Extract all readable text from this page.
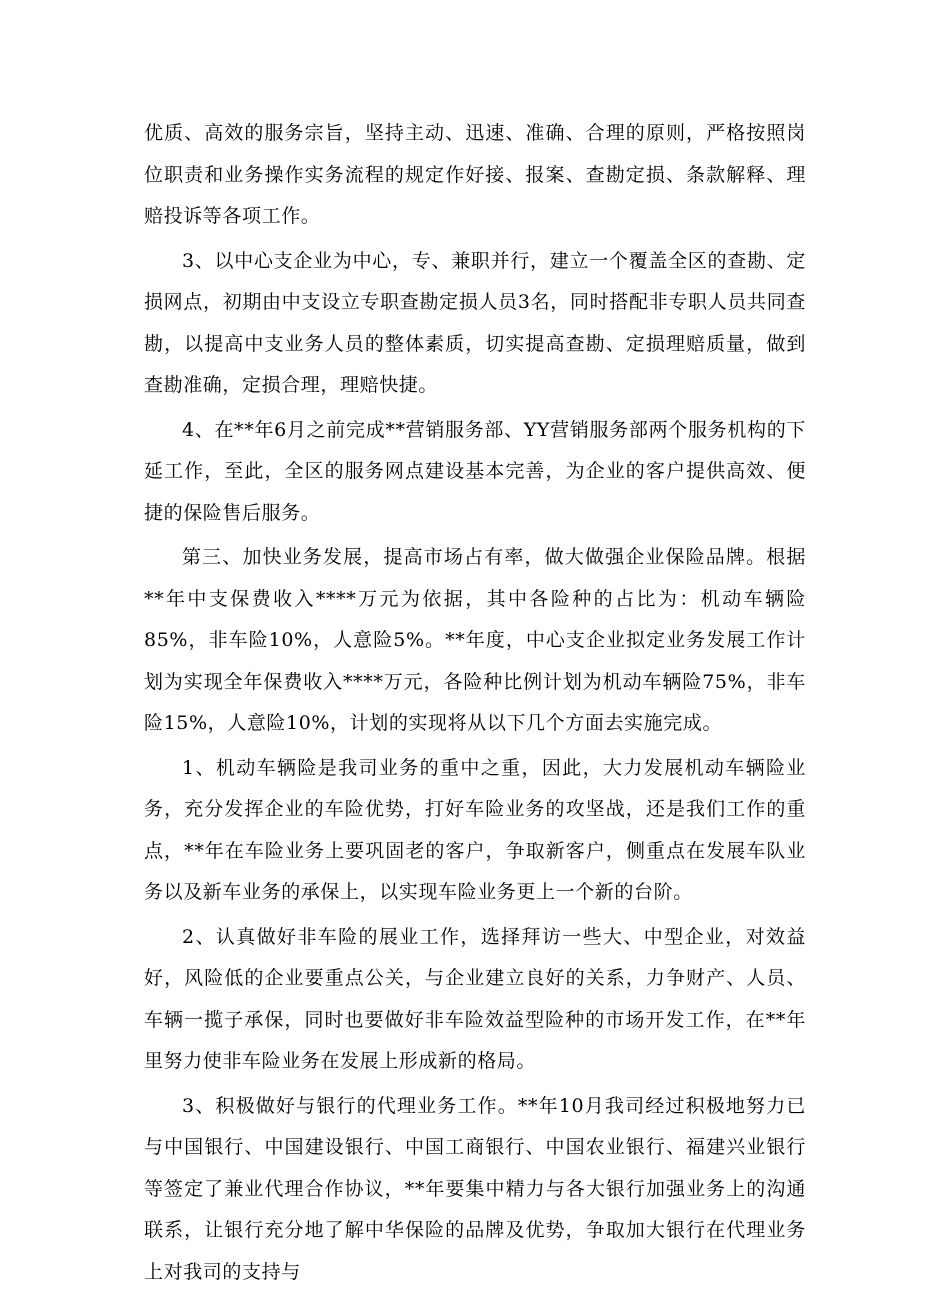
优质、高效的服务宗旨，坚持主动、迅速、准确、合理的原则，严格按照岗位职责和业务操作实务流程的规定作好接、报案、查勘定损、条款解释、理赔投诉等各项工作。

3、以中心支企业为中心，专、兼职并行，建立一个覆盖全区的查勘、定损网点，初期由中支设立专职查勘定损人员3名，同时搭配非专职人员共同查勘，以提高中支业务人员的整体素质，切实提高查勘、定损理赔质量，做到查勘准确，定损合理，理赔快捷。

4、在**年6月之前完成**营销服务部、YY营销服务部两个服务机构的下延工作，至此，全区的服务网点建设基本完善，为企业的客户提供高效、便捷的保险售后服务。

第三、加快业务发展，提高市场占有率，做大做强企业保险品牌。根据**年中支保费收入****万元为依据，其中各险种的占比为：机动车辆险85%，非车险10%，人意险5%。**年度，中心支企业拟定业务发展工作计划为实现全年保费收入****万元，各险种比例计划为机动车辆险75%，非车险15%，人意险10%，计划的实现将从以下几个方面去实施完成。

1、机动车辆险是我司业务的重中之重，因此，大力发展机动车辆险业务，充分发挥企业的车险优势，打好车险业务的攻坚战，还是我们工作的重点，**年在车险业务上要巩固老的客户，争取新客户，侧重点在发展车队业务以及新车业务的承保上，以实现车险业务更上一个新的台阶。

2、认真做好非车险的展业工作，选择拜访一些大、中型企业，对效益好，风险低的企业要重点公关，与企业建立良好的关系，力争财产、人员、车辆一揽子承保，同时也要做好非车险效益型险种的市场开发工作，在**年里努力使非车险业务在发展上形成新的格局。

3、积极做好与银行的代理业务工作。**年10月我司经过积极地努力已与中国银行、中国建设银行、中国工商银行、中国农业银行、福建兴业银行等签定了兼业代理合作协议，**年要集中精力与各大银行加强业务上的沟通联系，让银行充分地了解中华保险的品牌及优势，争取加大银行在代理业务上对我司的支持与
